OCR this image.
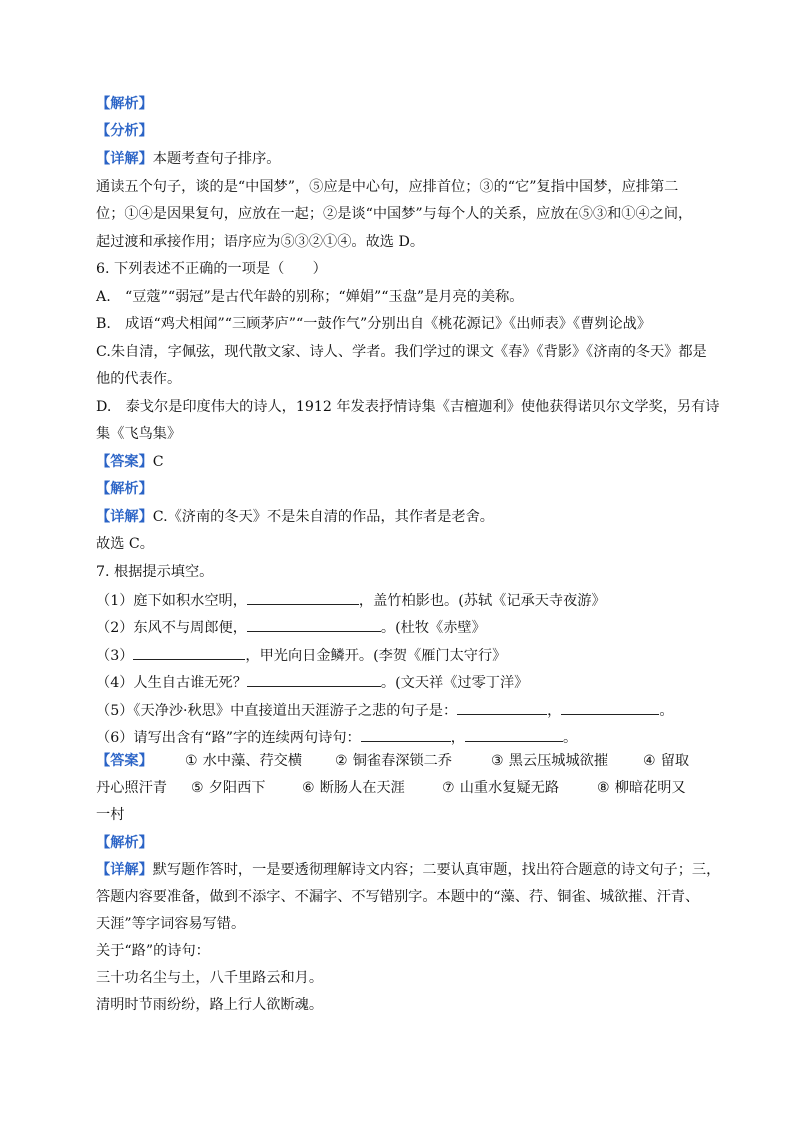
【解析】
【分析】
【详解】本题考查句子排序。
通读五个句子，谈的是“中国梦”，⑤应是中心句，应排首位；③的“它”复指中国梦，应排第二
位；①④是因果复句，应放在一起；②是谈“中国梦”与每个人的关系，应放在⑤③和①④之间，
起过渡和承接作用；语序应为⑤③②①④。故选 D。
6. 下列表述不正确的一项是（　　）
A.　“豆蔻”“弱冠”是古代年龄的别称；“婵娟”“玉盘”是月亮的美称。
B.　成语“鸡犬相闻”“三顾茅庐”“一鼓作气”分别出自《桃花源记》《出师表》《曹刿论战》
C.朱自清，字佩弦，现代散文家、诗人、学者。我们学过的课文《春》《背影》《济南的冬天》都是
他的代表作。
D.　泰戈尔是印度伟大的诗人，1912 年发表抒情诗集《吉檀迦利》使他获得诺贝尔文学奖，另有诗
集《飞鸟集》
【答案】C
【解析】
【详解】C.《济南的冬天》不是朱自清的作品，其作者是老舍。
故选 C。
7. 根据提示填空。
（1）庭下如积水空明，	，盖竹柏影也。(苏轼《记承天寺夜游》
（2）东风不与周郎便，	。(杜牧《赤壁》
（3）	，甲光向日金鳞开。(李贺《雁门太守行》
（4）人生自古谁无死？	。(文天祥《过零丁洋》
（5）《天净沙·秋思》中直接道出天涯游子之悲的句子是：	，	。
（6）请写出含有“路”字的连续两句诗句：	，	。
【答案】	① 水中藻、荇交横	② 铜雀春深锁二乔	③ 黑云压城城欲摧	④ 留取
丹心照汗青	⑤ 夕阳西下	⑥ 断肠人在天涯	⑦ 山重水复疑无路	⑧ 柳暗花明又
一村
【解析】
【详解】默写题作答时，一是要透彻理解诗文内容；二要认真审题，找出符合题意的诗文句子；三，
答题内容要准备，做到不添字、不漏字、不写错别字。本题中的“藻、荇、铜雀、城欲摧、汗青、
天涯”等字词容易写错。
关于“路”的诗句：
三十功名尘与土，八千里路云和月。
清明时节雨纷纷，路上行人欲断魂。
